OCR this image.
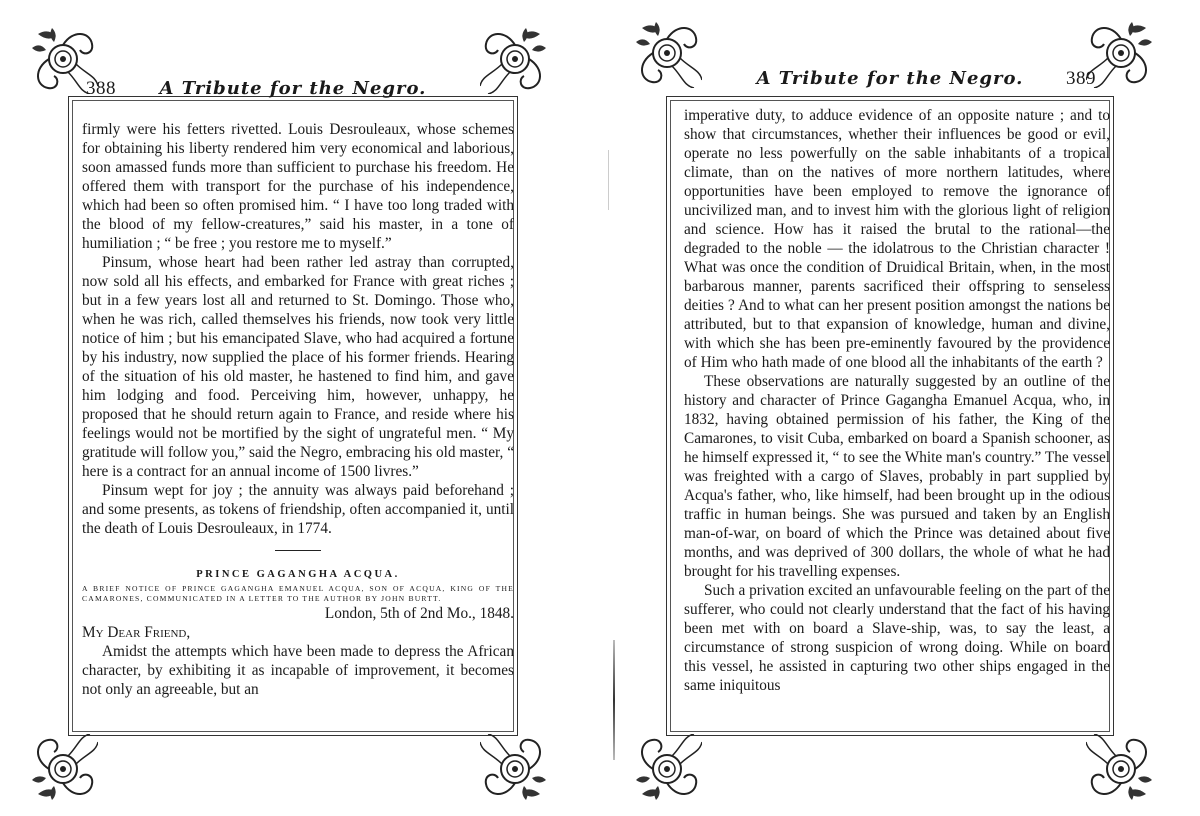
388	A Tribute for the Negro.

firmly were his fetters rivetted. Louis Desrouleaux, whose schemes for obtaining his liberty rendered him very economical and laborious, soon amassed funds more than sufficient to purchase his freedom. He offered them with transport for the purchase of his independence, which had been so often promised him. “ I have too long traded with the blood of my fellow-creatures,” said his master, in a tone of humiliation ; “ be free ; you restore me to myself.”

Pinsum, whose heart had been rather led astray than corrupted, now sold all his effects, and embarked for France with great riches ; but in a few years lost all and returned to St. Domingo. Those who, when he was rich, called themselves his friends, now took very little notice of him ; but his emancipated Slave, who had acquired a fortune by his industry, now supplied the place of his former friends. Hearing of the situation of his old master, he hastened to find him, and gave him lodging and food. Perceiving him, however, unhappy, he proposed that he should return again to France, and reside where his feelings would not be mortified by the sight of ungrateful men. “ My gratitude will follow you,” said the Negro, embracing his old master, “ here is a contract for an annual income of 1500 livres.”

Pinsum wept for joy ; the annuity was always paid beforehand ; and some presents, as tokens of friendship, often accompanied it, until the death of Louis Desrouleaux, in 1774.

PRINCE GAGANGHA ACQUA.

A BRIEF NOTICE OF PRINCE GAGANGHA EMANUEL ACQUA, SON OF ACQUA, KING OF THE CAMARONES, COMMUNICATED IN A LETTER TO THE AUTHOR BY JOHN BURTT.

London, 5th of 2nd Mo., 1848.

My Dear Friend,

Amidst the attempts which have been made to depress the African character, by exhibiting it as incapable of improvement, it becomes not only an agreeable, but an

A Tribute for the Negro.	389

imperative duty, to adduce evidence of an opposite nature ; and to show that circumstances, whether their influences be good or evil, operate no less powerfully on the sable inhabitants of a tropical climate, than on the natives of more northern latitudes, where opportunities have been employed to remove the ignorance of uncivilized man, and to invest him with the glorious light of religion and science. How has it raised the brutal to the rational—the degraded to the noble — the idolatrous to the Christian character ! What was once the condition of Druidical Britain, when, in the most barbarous manner, parents sacrificed their offspring to senseless deities ? And to what can her present position amongst the nations be attributed, but to that expansion of knowledge, human and divine, with which she has been pre-eminently favoured by the providence of Him who hath made of one blood all the inhabitants of the earth ?

These observations are naturally suggested by an outline of the history and character of Prince Gagangha Emanuel Acqua, who, in 1832, having obtained permission of his father, the King of the Camarones, to visit Cuba, embarked on board a Spanish schooner, as he himself expressed it, “ to see the White man's country.” The vessel was freighted with a cargo of Slaves, probably in part supplied by Acqua's father, who, like himself, had been brought up in the odious traffic in human beings. She was pursued and taken by an English man-of-war, on board of which the Prince was detained about five months, and was deprived of 300 dollars, the whole of what he had brought for his travelling expenses.

Such a privation excited an unfavourable feeling on the part of the sufferer, who could not clearly understand that the fact of his having been met with on board a Slave-ship, was, to say the least, a circumstance of strong suspicion of wrong doing. While on board this vessel, he assisted in capturing two other ships engaged in the same iniquitous
